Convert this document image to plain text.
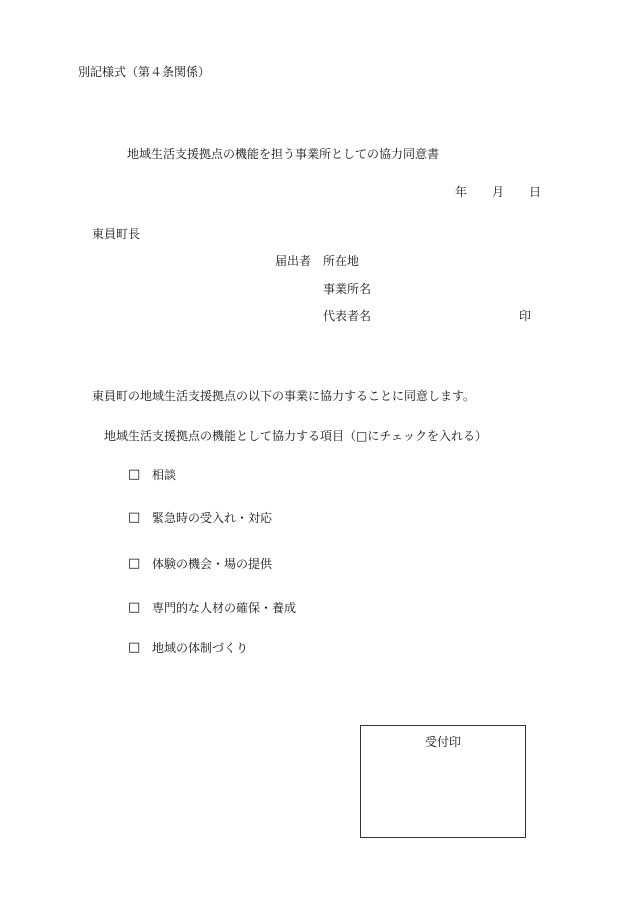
別記様式（第４条関係）
地域生活支援拠点の機能を担う事業所としての協力同意書
年 月 日
東員町長
届出者 所在地
事業所名
代表者名	印
東員町の地域生活支援拠点の以下の事業に協力することに同意します。
地域生活支援拠点の機能として協力する項目（□にチェックを入れる）
□ 相談
□ 緊急時の受入れ・対応
□ 体験の機会・場の提供
□ 専門的な人材の確保・養成
□ 地域の体制づくり
受付印
